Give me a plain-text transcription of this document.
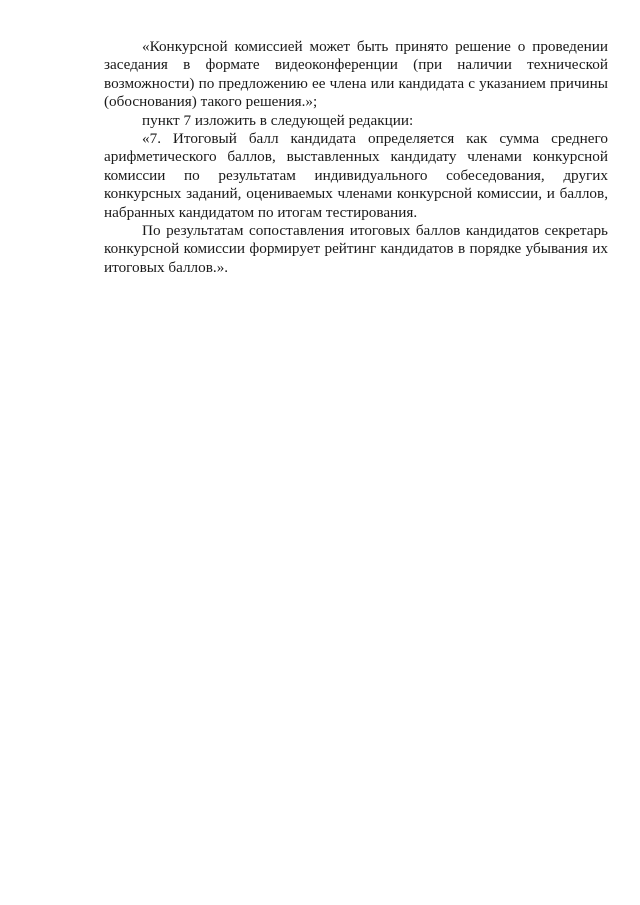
«Конкурсной комиссией может быть принято решение о проведении заседания в формате видеоконференции (при наличии технической возможности) по предложению ее члена или кандидата с указанием причины (обоснования) такого решения.»;

пункт 7 изложить в следующей редакции:

«7. Итоговый балл кандидата определяется как сумма среднего арифметического баллов, выставленных кандидату членами конкурсной комиссии по результатам индивидуального собеседования, других конкурсных заданий, оцениваемых членами конкурсной комиссии, и баллов, набранных кандидатом по итогам тестирования.

По результатам сопоставления итоговых баллов кандидатов секретарь конкурсной комиссии формирует рейтинг кандидатов в порядке убывания их итоговых баллов.».
